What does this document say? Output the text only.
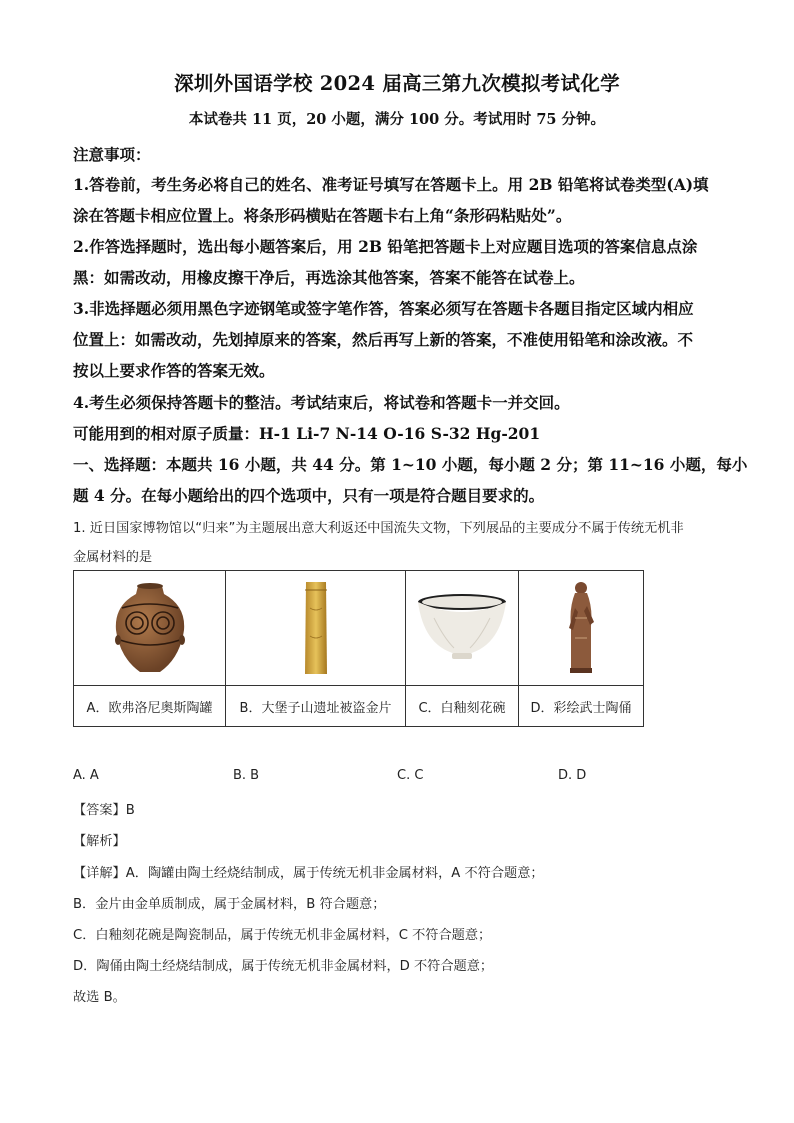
深圳外国语学校 2024 届高三第九次模拟考试化学
本试卷共 11 页，20 小题，满分 100 分。考试用时 75 分钟。
注意事项：
1.答卷前，考生务必将自己的姓名、准考证号填写在答题卡上。用 2B 铅笔将试卷类型(A)填
涂在答题卡相应位置上。将条形码横贴在答题卡右上角“条形码粘贴处”。
2.作答选择题时，选出每小题答案后，用 2B 铅笔把答题卡上对应题目选项的答案信息点涂
黑：如需改动，用橡皮擦干净后，再选涂其他答案，答案不能答在试卷上。
3.非选择题必须用黑色字迹钢笔或签字笔作答，答案必须写在答题卡各题目指定区域内相应
位置上：如需改动，先划掉原来的答案，然后再写上新的答案，不准使用铅笔和涂改液。不
按以上要求作答的答案无效。
4.考生必须保持答题卡的整洁。考试结束后，将试卷和答题卡一并交回。
可能用到的相对原子质量：H-1 Li-7 N-14 O-16 S-32 Hg-201
一、选择题：本题共 16 小题，共 44 分。第 1~10 小题，每小题 2 分；第 11~16 小题，每小
题 4 分。在每小题给出的四个选项中，只有一项是符合题目要求的。
1. 近日国家博物馆以“归来”为主题展出意大利返还中国流失文物，下列展品的主要成分不属于传统无机非
金属材料的是

A．欧弗洛尼奥斯陶罐	B．大堡子山遗址被盗金片	C．白釉刻花碗	D．彩绘武士陶俑
A. A	B. B	C. C	D. D
【答案】B
【解析】
【详解】A．陶罐由陶土经烧结制成，属于传统无机非金属材料，A 不符合题意；
B．金片由金单质制成，属于金属材料，B 符合题意；
C．白釉刻花碗是陶瓷制品，属于传统无机非金属材料，C 不符合题意；
D．陶俑由陶土经烧结制成，属于传统无机非金属材料，D 不符合题意；
故选 B。
